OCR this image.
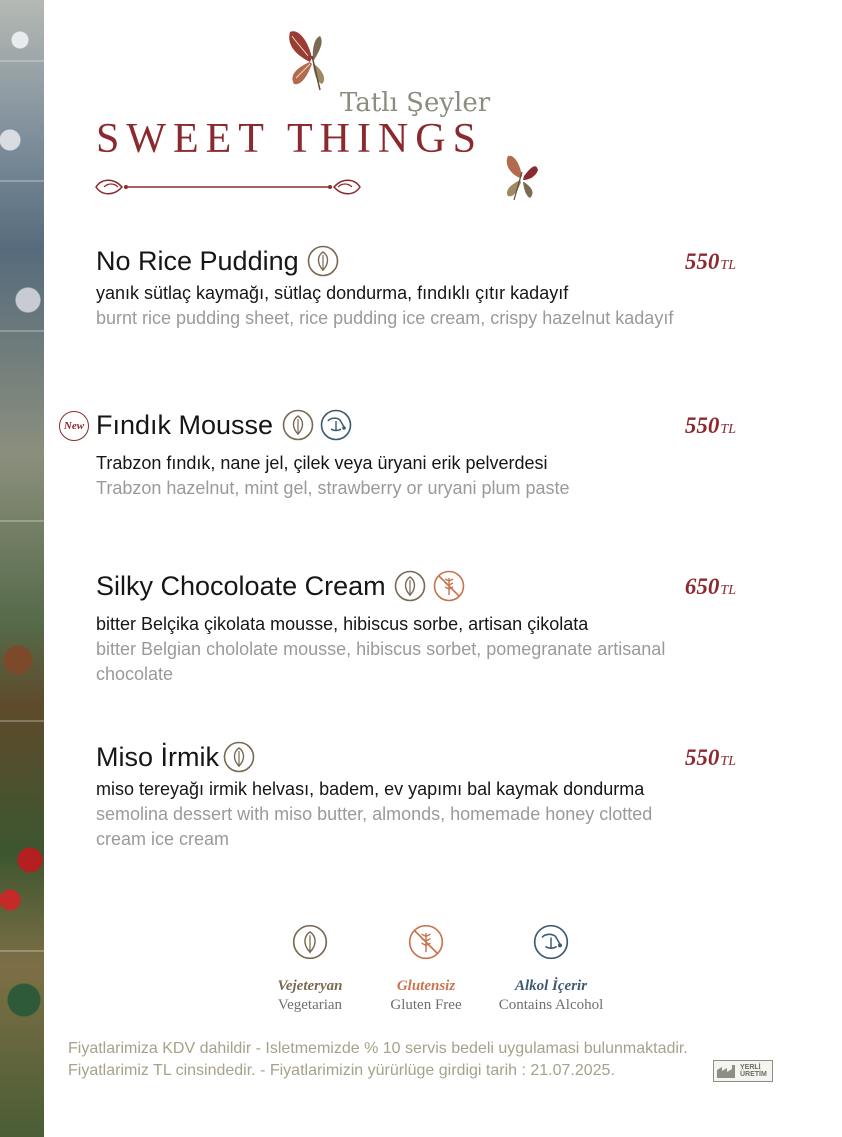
Tatlı Şeyler
SWEET THINGS
No Rice Pudding	550TL
yanık sütlaç kaymağı, sütlaç dondurma, fındıklı çıtır kadayıf
burnt rice pudding sheet, rice pudding ice cream, crispy hazelnut kadayıf
New Fındık Mousse	550TL
Trabzon fındık, nane jel, çilek veya üryani erik pelverdesi
Trabzon hazelnut, mint gel, strawberry or uryani plum paste
Silky Chocoloate Cream	650TL
bitter Belçika çikolata mousse, hibiscus sorbe, artisan çikolata
bitter Belgian chololate mousse, hibiscus sorbet, pomegranate artisanal chocolate
Miso İrmik	550TL
miso tereyağı irmik helvası, badem, ev yapımı bal kaymak dondurma
semolina dessert with miso butter, almonds, homemade honey clotted cream ice cream
Vejeteryan
Vegetarian
Glutensiz
Gluten Free
Alkol İçerir
Contains Alcohol
Fiyatlarimiza KDV dahildir - Isletmemizde % 10 servis bedeli uygulamasi bulunmaktadir.
Fiyatlarimiz TL cinsindedir. - Fiyatlarimizin yürürlüge girdigi tarih : 21.07.2025.	YERLİ
ÜRETİM
